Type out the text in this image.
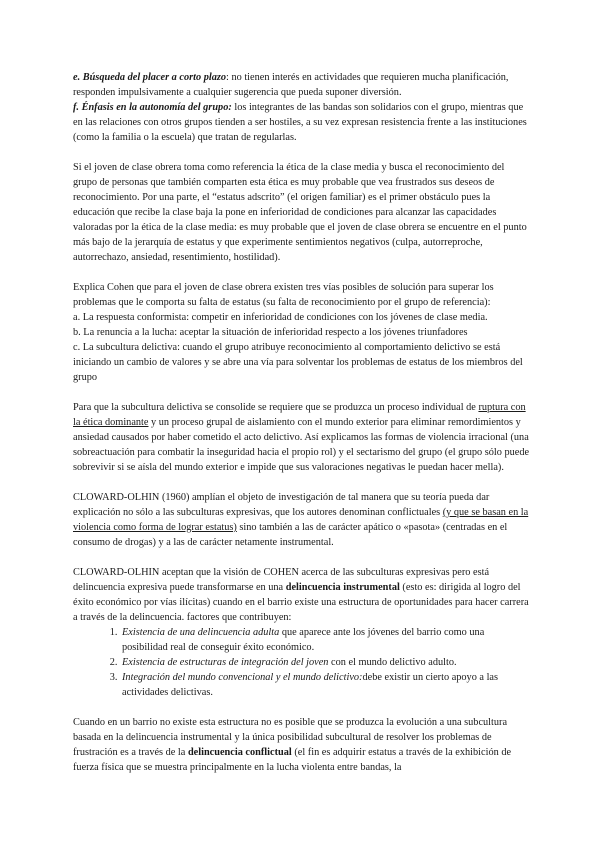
e. Búsqueda del placer a corto plazo: no tienen interés en actividades que requieren mucha planificación, responden impulsivamente a cualquier sugerencia que pueda suponer diversión.

f. Énfasis en la autonomía del grupo: los integrantes de las bandas son solidarios con el grupo, mientras que en las relaciones con otros grupos tienden a ser hostiles, a su vez expresan resistencia frente a las instituciones (como la familia o la escuela) que tratan de regularlas.

Si el joven de clase obrera toma como referencia la ética de la clase media y busca el reconocimiento del grupo de personas que también comparten esta ética es muy probable que vea frustrados sus deseos de reconocimiento. Por una parte, el “estatus adscrito” (el origen familiar) es el primer obstáculo pues la educación que recibe la clase baja la pone en inferioridad de condiciones para alcanzar las capacidades valoradas por la ética de la clase media: es muy probable que el joven de clase obrera se encuentre en el punto más bajo de la jerarquía de estatus y que experimente sentimientos negativos (culpa, autorreproche, autorrechazo, ansiedad, resentimiento, hostilidad).

Explica Cohen que para el joven de clase obrera existen tres vías posibles de solución para superar los problemas que le comporta su falta de estatus (su falta de reconocimiento por el grupo de referencia):
a. La respuesta conformista: competir en inferioridad de condiciones con los jóvenes de clase media.
b. La renuncia a la lucha: aceptar la situación de inferioridad respecto a los jóvenes triunfadores
c. La subcultura delictiva: cuando el grupo atribuye reconocimiento al comportamiento delictivo se está iniciando un cambio de valores y se abre una vía para solventar los problemas de estatus de los miembros del grupo

Para que la subcultura delictiva se consolide se requiere que se produzca un proceso individual de ruptura con la ética dominante y un proceso grupal de aislamiento con el mundo exterior para eliminar remordimientos y ansiedad causados por haber cometido el acto delictivo. Así explicamos las formas de violencia irracional (una sobreactuación para combatir la inseguridad hacia el propio rol) y el sectarismo del grupo (el grupo sólo puede sobrevivir si se aísla del mundo exterior e impide que sus valoraciones negativas le puedan hacer mella).

CLOWARD-OLHIN (1960) amplían el objeto de investigación de tal manera que su teoría pueda dar explicación no sólo a las subculturas expresivas, que los autores denominan conflictuales (y que se basan en la violencia como forma de lograr estatus) sino también a las de carácter apático o «pasota» (centradas en el consumo de drogas) y a las de carácter netamente instrumental.

CLOWARD-OLHIN aceptan que la visión de COHEN acerca de las subculturas expresivas pero está delincuencia expresiva puede transformarse en una delincuencia instrumental (esto es: dirigida al logro del éxito económico por vías ilícitas) cuando en el barrio existe una estructura de oportunidades para hacer carrera a través de la delincuencia. factores que contribuyen:

1. Existencia de una delincuencia adulta que aparece ante los jóvenes del barrio como una posibilidad real de conseguir éxito económico.
2. Existencia de estructuras de integración del joven con el mundo delictivo adulto.
3. Integración del mundo convencional y el mundo delictivo:debe existir un cierto apoyo a las actividades delictivas.

Cuando en un barrio no existe esta estructura no es posible que se produzca la evolución a una subcultura basada en la delincuencia instrumental y la única posibilidad subcultural de resolver los problemas de frustración es a través de la delincuencia conflictual (el fin es adquirir estatus a través de la exhibición de fuerza física que se muestra principalmente en la lucha violenta entre bandas, la
